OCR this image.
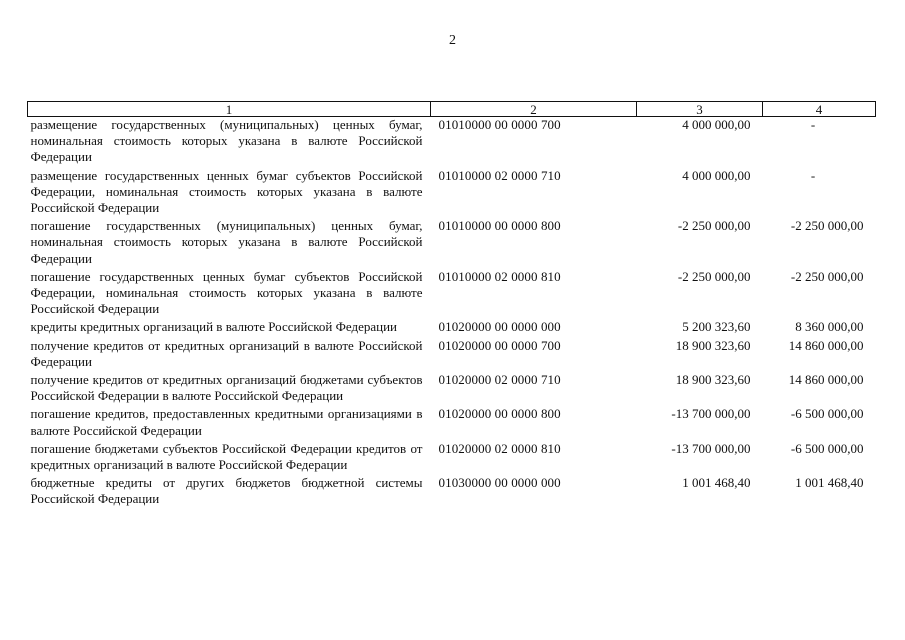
2
1	2	3	4
размещение государственных (муниципальных) ценных бумаг, номинальная стоимость которых указана в валюте Российской Федерации	01010000 00 0000 700	4 000 000,00	-
размещение государственных ценных бумаг субъектов Российской Федерации, номинальная стоимость которых указана в валюте Российской Федерации	01010000 02 0000 710	4 000 000,00	-
погашение государственных (муниципальных) ценных бумаг, номинальная стоимость которых указана в валюте Российской Федерации	01010000 00 0000 800	-2 250 000,00	-2 250 000,00
погашение государственных ценных бумаг субъектов Российской Федерации, номинальная стоимость которых указана в валюте Российской Федерации	01010000 02 0000 810	-2 250 000,00	-2 250 000,00
кредиты кредитных организаций в валюте Российской Федерации	01020000 00 0000 000	5 200 323,60	8 360 000,00
получение кредитов от кредитных организаций в валюте Российской Федерации	01020000 00 0000 700	18 900 323,60	14 860 000,00
получение кредитов от кредитных организаций бюджетами субъектов Российской Федерации в валюте Российской Федерации	01020000 02 0000 710	18 900 323,60	14 860 000,00
погашение кредитов, предоставленных кредитными организациями в валюте Российской Федерации	01020000 00 0000 800	-13 700 000,00	-6 500 000,00
погашение бюджетами субъектов Российской Федерации кредитов от кредитных организаций в валюте Российской Федерации	01020000 02 0000 810	-13 700 000,00	-6 500 000,00
бюджетные кредиты от других бюджетов бюджетной системы Российской Федерации	01030000 00 0000 000	1 001 468,40	1 001 468,40
